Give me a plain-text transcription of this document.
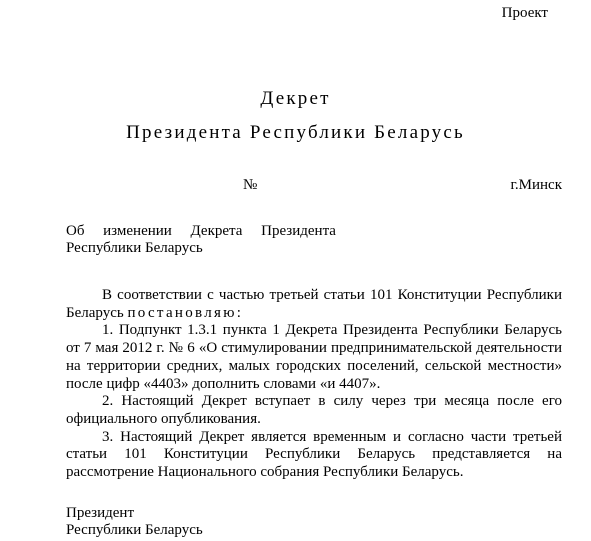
Проект
Декрет
Президента Республики Беларусь
№	г.Минск
Об изменении Декрета Президента
Республики Беларусь

В соответствии с частью третьей статьи 101 Конституции Республики Беларусь постановляю:

1. Подпункт 1.3.1 пункта 1 Декрета Президента Республики Беларусь от 7 мая 2012 г. № 6 «О стимулировании предпринимательской деятельности на территории средних, малых городских поселений, сельской местности» после цифр «4403» дополнить словами «и 4407».

2. Настоящий Декрет вступает в силу через три месяца после его официального опубликования.

3. Настоящий Декрет является временным и согласно части третьей статьи 101 Конституции Республики Беларусь представляется на рассмотрение Национального собрания Республики Беларусь.

Президент
Республики Беларусь
